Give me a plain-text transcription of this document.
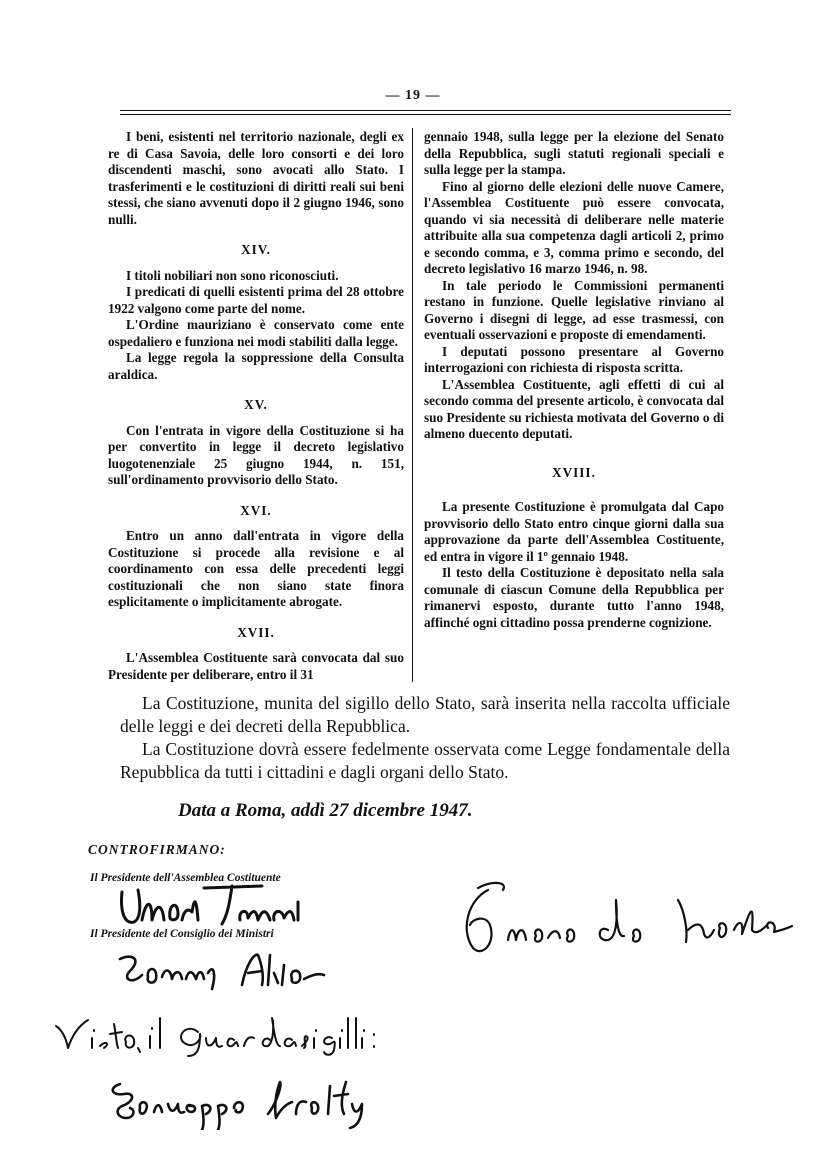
— 19 —

I beni, esistenti nel territorio nazionale, degli ex re di Casa Savoia, delle loro consorti e dei loro discendenti maschi, sono avocati allo Stato. I trasferimenti e le costituzioni di diritti reali sui beni stessi, che siano avvenuti dopo il 2 giugno 1946, sono nulli.

XIV.

I titoli nobiliari non sono riconosciuti.

I predicati di quelli esistenti prima del 28 ottobre 1922 valgono come parte del nome.

L'Ordine mauriziano è conservato come ente ospedaliero e funziona nei modi stabiliti dalla legge.

La legge regola la soppressione della Consulta araldica.

XV.

Con l'entrata in vigore della Costituzione si ha per convertito in legge il decreto legislativo luogotenenziale 25 giugno 1944, n. 151, sull'ordinamento provvisorio dello Stato.

XVI.

Entro un anno dall'entrata in vigore della Costituzione si procede alla revisione e al coordinamento con essa delle precedenti leggi costituzionali che non siano state finora esplicitamente o implicitamente abrogate.

XVII.

L'Assemblea Costituente sarà convocata dal suo Presidente per deliberare, entro il 31

gennaio 1948, sulla legge per la elezione del Senato della Repubblica, sugli statuti regionali speciali e sulla legge per la stampa.

Fino al giorno delle elezioni delle nuove Camere, l'Assemblea Costituente può essere convocata, quando vi sia necessità di deliberare nelle materie attribuite alla sua competenza dagli articoli 2, primo e secondo comma, e 3, comma primo e secondo, del decreto legislativo 16 marzo 1946, n. 98.

In tale periodo le Commissioni permanenti restano in funzione. Quelle legislative rinviano al Governo i disegni di legge, ad esse trasmessi, con eventuali osservazioni e proposte di emendamenti.

I deputati possono presentare al Governo interrogazioni con richiesta di risposta scritta.

L'Assemblea Costituente, agli effetti di cui al secondo comma del presente articolo, è convocata dal suo Presidente su richiesta motivata del Governo o di almeno duecento deputati.

XVIII.

La presente Costituzione è promulgata dal Capo provvisorio dello Stato entro cinque giorni dalla sua approvazione da parte dell'Assemblea Costituente, ed entra in vigore il 1º gennaio 1948.

Il testo della Costituzione è depositato nella sala comunale di ciascun Comune della Repubblica per rimanervi esposto, durante tutto l'anno 1948, affinché ogni cittadino possa prenderne cognizione.

La Costituzione, munita del sigillo dello Stato, sarà inserita nella raccolta ufficiale delle leggi e dei decreti della Repubblica.

La Costituzione dovrà essere fedelmente osservata come Legge fondamentale della Repubblica da tutti i cittadini e dagli organi dello Stato.

Data a Roma, addì 27 dicembre 1947.
CONTROFIRMANO:
Il Presidente dell'Assemblea Costituente
Il Presidente del Consiglio dei Ministri
